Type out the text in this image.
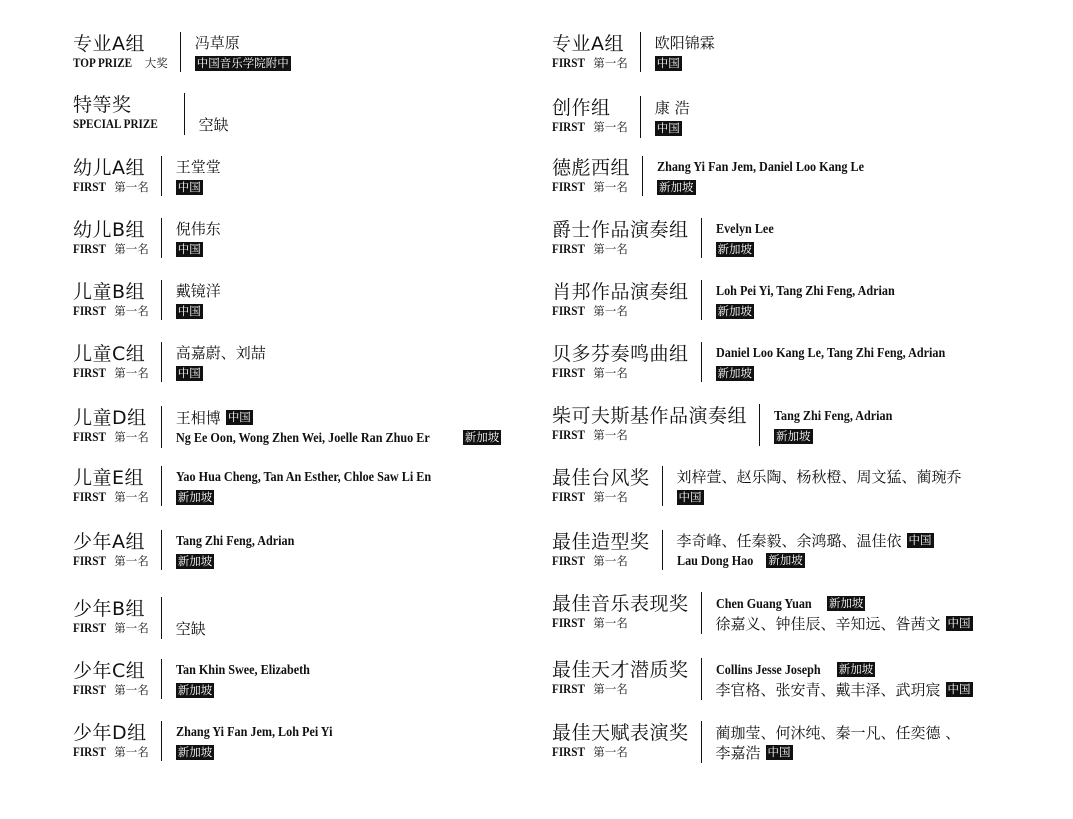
专业A组
TOP PRIZE 大奖
冯草原
中国音乐学院附中
特等奖
SPECIAL PRIZE	空缺
幼儿A组
FIRST 第一名
王堂堂
中国
幼儿B组
FIRST 第一名
倪伟东
中国
儿童B组
FIRST 第一名
戴镜洋
中国
儿童C组
FIRST 第一名
高嘉蔚、刘喆
中国
儿童D组
FIRST 第一名
王相博 中国
Ng Ee Oon, Wong Zhen Wei, Joelle Ran Zhuo Er	新加坡
儿童E组
FIRST 第一名
Yao Hua Cheng, Tan An Esther, Chloe Saw Li En
新加坡
少年A组
FIRST 第一名
Tang Zhi Feng, Adrian
新加坡
少年B组
FIRST 第一名 空缺
少年C组
FIRST 第一名
Tan Khin Swee, Elizabeth
新加坡
少年D组
FIRST 第一名
Zhang Yi Fan Jem, Loh Pei Yi
新加坡
专业A组
FIRST 第一名
欧阳锦霖
中国
创作组
FIRST 第一名
康 浩
中国
德彪西组
FIRST 第一名
Zhang Yi Fan Jem, Daniel Loo Kang Le
新加坡
爵士作品演奏组
FIRST 第一名
Evelyn Lee
新加坡
肖邦作品演奏组
FIRST 第一名
Loh Pei Yi, Tang Zhi Feng, Adrian
新加坡
贝多芬奏鸣曲组
FIRST 第一名
Daniel Loo Kang Le, Tang Zhi Feng, Adrian
新加坡
柴可夫斯基作品演奏组
FIRST 第一名
Tang Zhi Feng, Adrian
新加坡
最佳台风奖
FIRST 第一名
刘梓萱、赵乐陶、杨秋橙、周文猛、蔺琬乔
中国
最佳造型奖
FIRST 第一名
李奇峰、任秦毅、余鸿璐、温佳依 中国
Lau Dong Hao 新加坡
最佳音乐表现奖
FIRST 第一名
Chen Guang Yuan 新加坡
徐嘉义、钟佳辰、辛知远、昝茜文 中国
最佳天才潜质奖
FIRST 第一名
Collins Jesse Joseph 新加坡
李官格、张安青、戴丰泽、武玥宸 中国
最佳天赋表演奖
FIRST 第一名
蔺珈莹、何沐纯、秦一凡、任奕德 、
李嘉浩 中国
